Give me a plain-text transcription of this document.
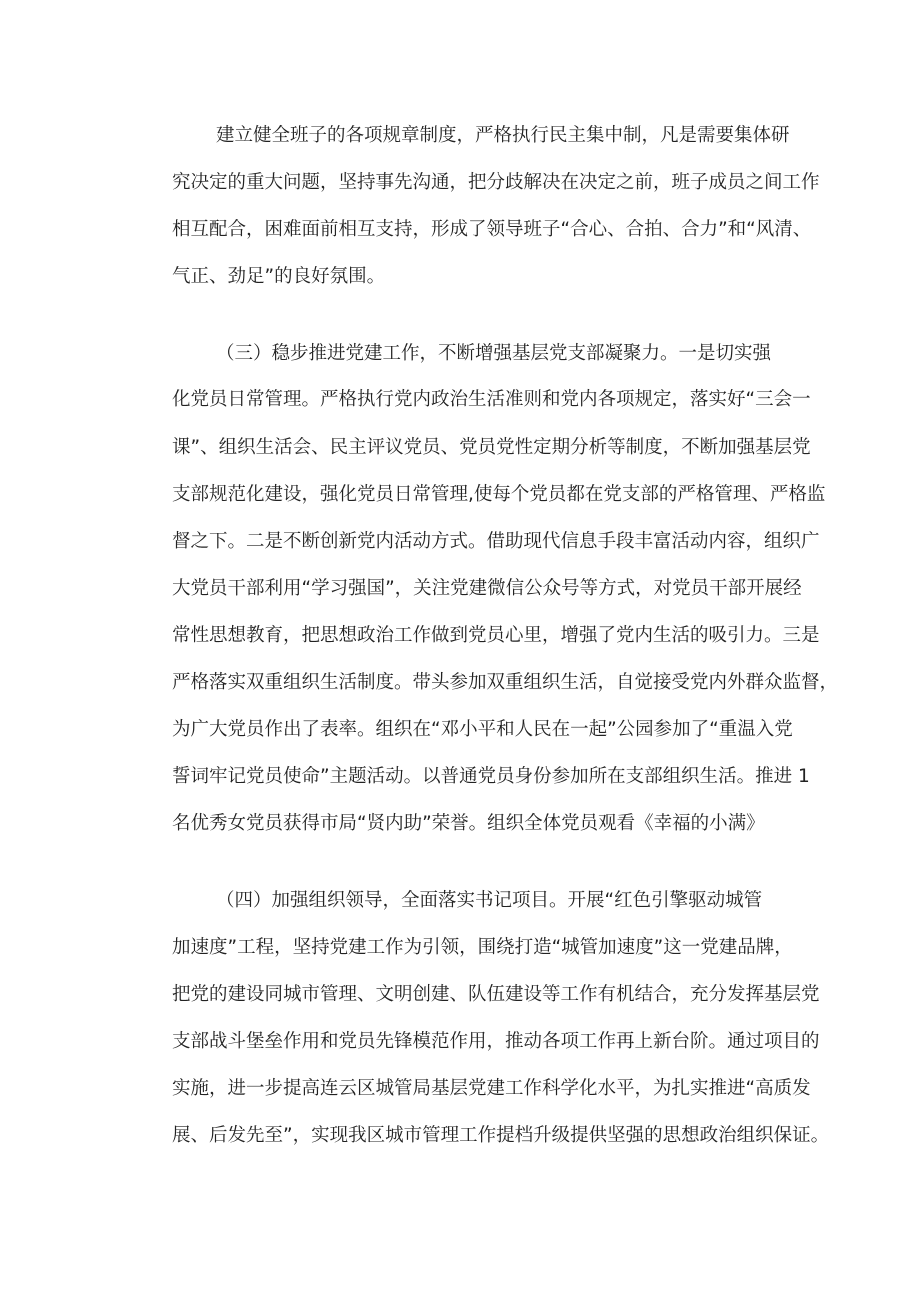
建立健全班子的各项规章制度，严格执行民主集中制，凡是需要集体研

究决定的重大问题，坚持事先沟通，把分歧解决在决定之前，班子成员之间工作

相互配合，困难面前相互支持，形成了领导班子“合心、合拍、合力”和“风清、

气正、劲足”的良好氛围。

（三）稳步推进党建工作，不断增强基层党支部凝聚力。一是切实强

化党员日常管理。严格执行党内政治生活准则和党内各项规定，落实好“三会一

课”、组织生活会、民主评议党员、党员党性定期分析等制度，不断加强基层党

支部规范化建设，强化党员日常管理,使每个党员都在党支部的严格管理、严格监

督之下。二是不断创新党内活动方式。借助现代信息手段丰富活动内容，组织广

大党员干部利用“学习强国”，关注党建微信公众号等方式，对党员干部开展经

常性思想教育，把思想政治工作做到党员心里，增强了党内生活的吸引力。三是

严格落实双重组织生活制度。带头参加双重组织生活，自觉接受党内外群众监督，

为广大党员作出了表率。组织在“邓小平和人民在一起”公园参加了“重温入党

誓词牢记党员使命”主题活动。以普通党员身份参加所在支部组织生活。推进 1

名优秀女党员获得市局“贤内助”荣誉。组织全体党员观看《幸福的小满》

（四）加强组织领导，全面落实书记项目。开展“红色引擎驱动城管

加速度”工程，坚持党建工作为引领，围绕打造“城管加速度”这一党建品牌，

把党的建设同城市管理、文明创建、队伍建设等工作有机结合，充分发挥基层党

支部战斗堡垒作用和党员先锋模范作用，推动各项工作再上新台阶。通过项目的

实施，进一步提高连云区城管局基层党建工作科学化水平，为扎实推进“高质发

展、后发先至”，实现我区城市管理工作提档升级提供坚强的思想政治组织保证。
